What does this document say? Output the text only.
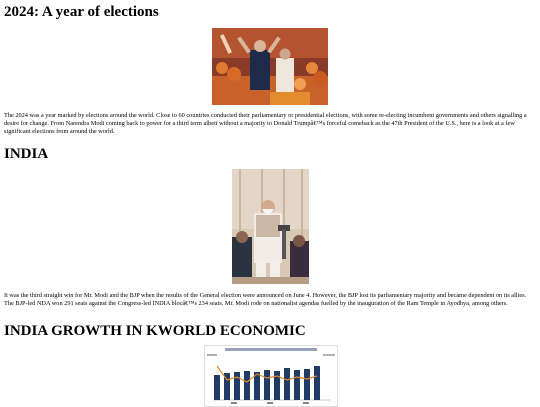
2024: A year of elections

The 2024 was a year marked by elections around the world. Close to 60 countries conducted their parliamentary or presidential elections, with some re-electing incumbent governments and others signalling a desire for change. From Narendra Modi coming back to power for a third term albeit without a majority to Donald Trumpâ€™s forceful comeback as the 47th President of the U.S., here is a look at a few significant elections from around the world.

INDIA

It was the third straight win for Mr. Modi and the BJP when the results of the General election were announced on June 4. However, the BJP lost its parliamentary majority and became dependent on its allies. The BJP-led NDA won 291 seats against the Congress-led INDIA blocâ€™s 234 seats. Mr. Modi rode on nationalist agendas fuelled by the inauguration of the Ram Temple in Ayodhya, among others.

INDIA GROWTH IN KWORLD ECONOMIC
